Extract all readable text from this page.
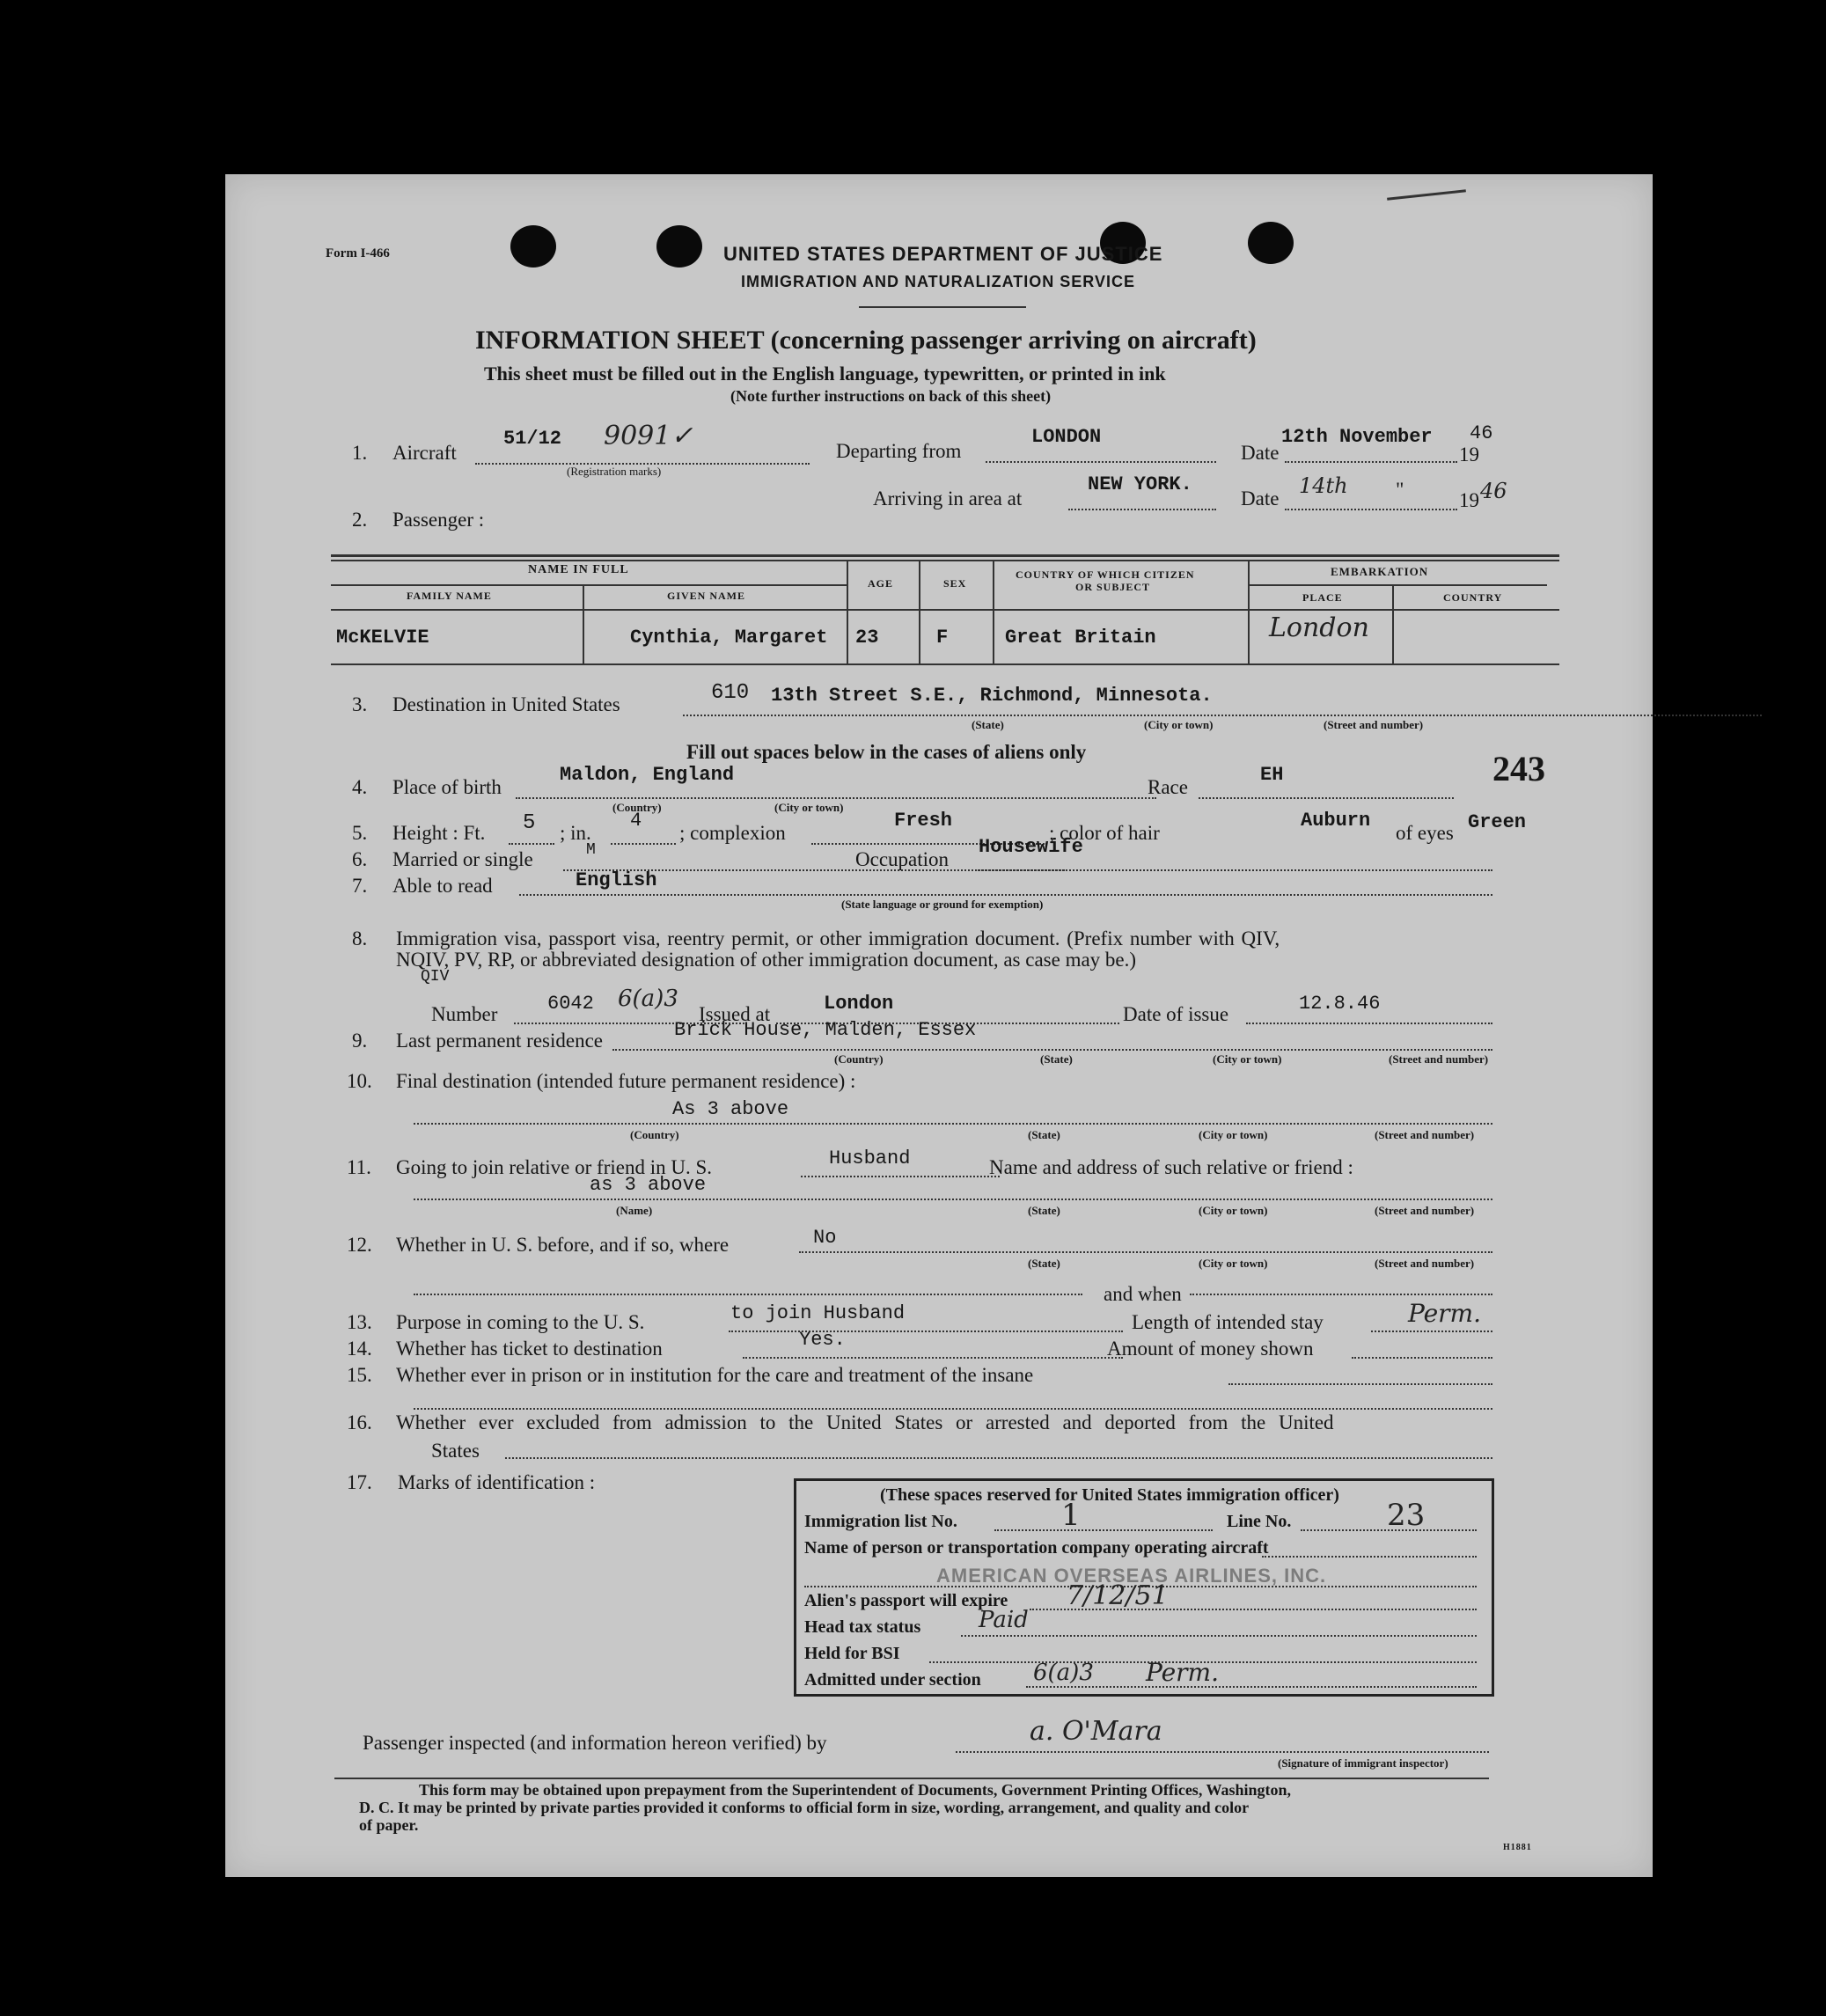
Form I-466	UNITED STATES DEPARTMENT OF JUSTICE
IMMIGRATION AND NATURALIZATION SERVICE
INFORMATION SHEET (concerning passenger arriving on aircraft)
This sheet must be filled out in the English language, typewritten, or printed in ink
(Note further instructions on back of this sheet)
1. Aircraft
51/12 9091✓
(Registration marks)
Departing from
LONDON
Date
12th November
19
46
Arriving in area at
NEW YORK.
Date
14th "	19 46
2. Passenger :
NAME IN FULL
FAMILY NAME	GIVEN NAME
AGE	SEX
COUNTRY OF WHICH CITIZEN
OR SUBJECT
EMBARKATION
PLACE	COUNTRY
McKELVIE	Cynthia, Margaret 23	F	Great Britain	London
3. Destination in United States	610 13th Street S.E., Richmond, Minnesota.
(State)	(City or town)	(Street and number)
Fill out spaces below in the cases of aliens only
4. Place of birth
Maldon, England
(Country)	(City or town)
Race
EH	243
5. Height : Ft. 5 ; in.
4
; complexion
Fresh
; color of hair
Auburn
of eyes Green
6. Married or single	M	Occupation
Housewife
7. Able to read	English
(State language or ground for exemption)
8. Immigration visa, passport visa, reentry permit, or other immigration document. (Prefix number with QIV,
NQIV, PV, RP, or abbreviated designation of other immigration document, as case may be.)
QIV
Number	6042 6(a)3
Issued at	London	Date of issue	12.8.46
9. Last permanent residence	Brick House, Malden, Essex
(Country)	(State)	(City or town)	(Street and number)
10. Final destination (intended future permanent residence) :
As 3 above
(Country)	(State)	(City or town)	(Street and number)
11. Going to join relative or friend in U. S.	Husband	Name and address of such relative or friend :
as 3 above
(Name)	(State)	(City or town)	(Street and number)
12. Whether in U. S. before, and if so, where	No
(State)	(City or town)	(Street and number)
and when
13. Purpose in coming to the U. S.	to join Husband	Length of intended stay	Perm.
14. Whether has ticket to destination	Yes.	Amount of money shown
15. Whether ever in prison or in institution for the care and treatment of the insane
16. Whether ever excluded from admission to the United States or arrested and deported from the United
States
17. Marks of identification :
(These spaces reserved for United States immigration officer)
Immigration list No.	1	Line No.	23
Name of person or transportation company operating aircraft
AMERICAN OVERSEAS AIRLINES, INC.
Alien's passport will expire 7/12/51
Head tax status	Paid
Held for BSI
Admitted under section 6(a)3 Perm.
Passenger inspected (and information hereon verified) by	a. O'Mara
(Signature of immigrant inspector)
This form may be obtained upon prepayment from the Superintendent of Documents, Government Printing Offices, Washington,
D. C. It may be printed by private parties provided it conforms to official form in size, wording, arrangement, and quality and color
of paper.
H1881
